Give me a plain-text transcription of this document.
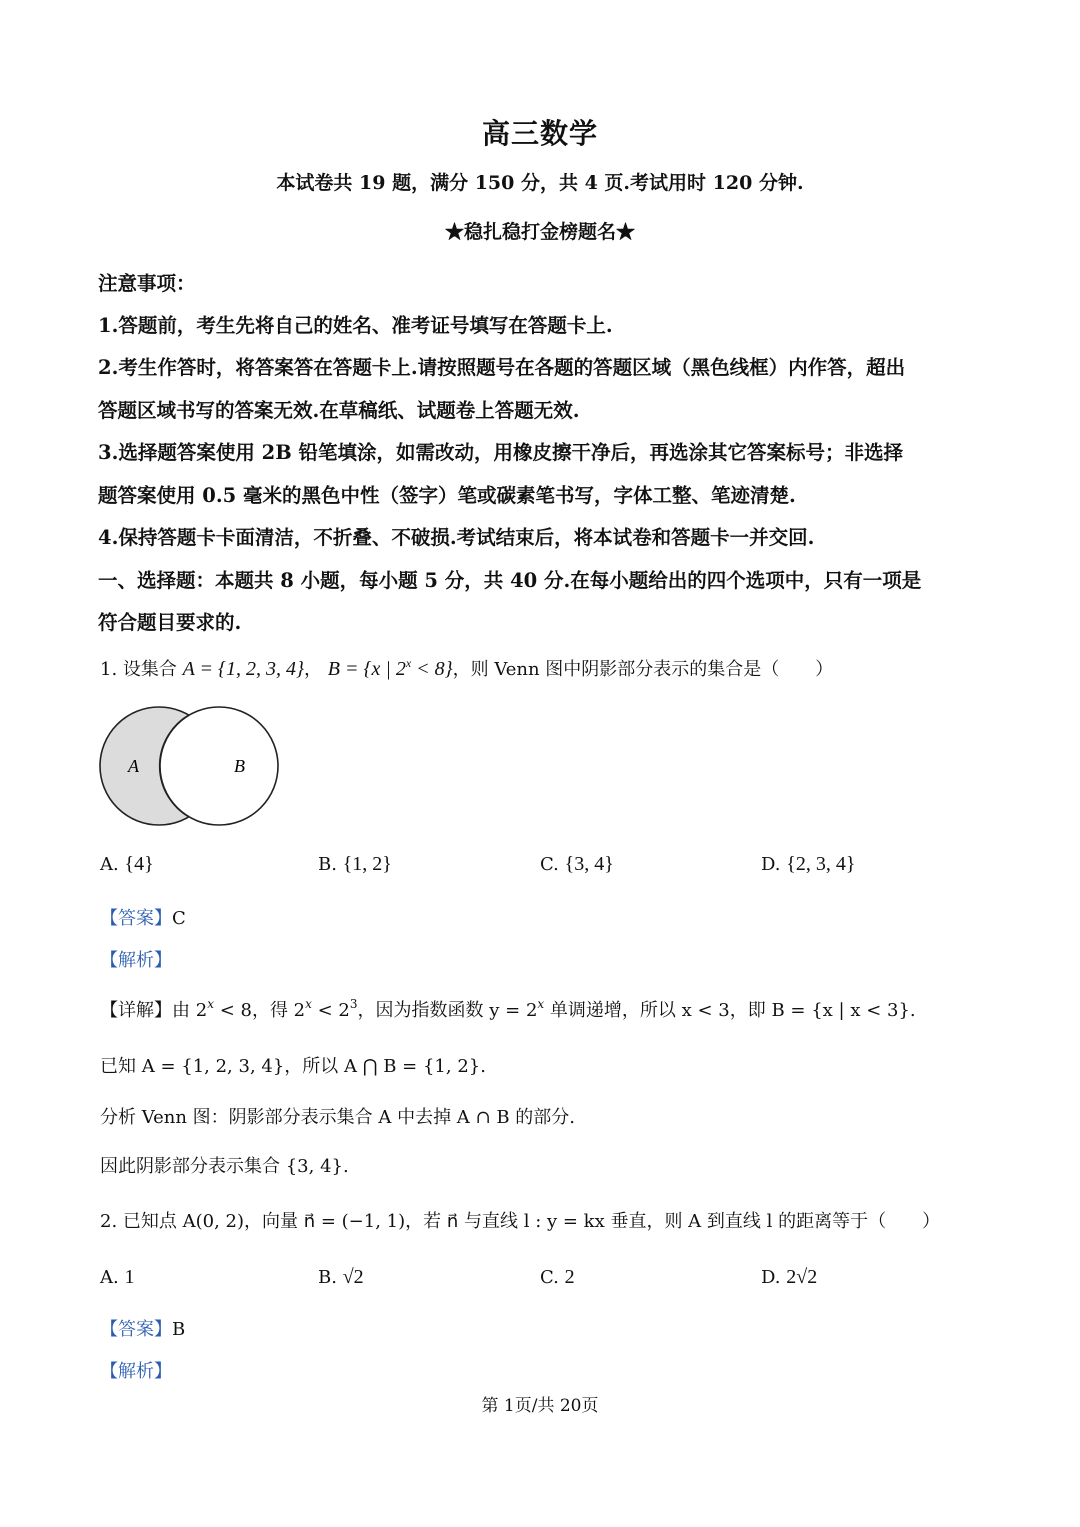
高三数学
本试卷共 19 题，满分 150 分，共 4 页.考试用时 120 分钟.
★稳扎稳打金榜题名★
注意事项：
1.答题前，考生先将自己的姓名、准考证号填写在答题卡上.
2.考生作答时，将答案答在答题卡上.请按照题号在各题的答题区域（黑色线框）内作答，超出
答题区域书写的答案无效.在草稿纸、试题卷上答题无效.
3.选择题答案使用 2B 铅笔填涂，如需改动，用橡皮擦干净后，再选涂其它答案标号；非选择
题答案使用 0.5 毫米的黑色中性（签字）笔或碳素笔书写，字体工整、笔迹清楚.
4.保持答题卡卡面清洁，不折叠、不破损.考试结束后，将本试卷和答题卡一并交回.
一、选择题：本题共 8 小题，每小题 5 分，共 40 分.在每小题给出的四个选项中，只有一项是
符合题目要求的.
1. 设集合 A = {1, 2, 3, 4}， B = {x | $2^x < 8$}，则 Venn 图中阴影部分表示的集合是（　　）
A	B
A. {4}	B. {1, 2}	C. {3, 4}	D. {2, 3, 4}
【答案】C
【解析】
【详解】由 $2^x < 8$，得 $2^x < 2^3$，因为指数函数 $y = 2^x$ 单调递增，所以 x < 3，即 B = {x | x < 3}.
已知 A = {1, 2, 3, 4}，所以 A ⋂ B = {1, 2}.
分析 Venn 图：阴影部分表示集合 A 中去掉 A ∩ B 的部分.
因此阴影部分表示集合 {3, 4}.
2. 已知点 A(0, 2)，向量 n⃗ = (−1, 1)，若 n⃗ 与直线 l : y = kx 垂直，则 A 到直线 l 的距离等于（　　）
A. 1	B. √2	C. 2	D. 2√2
【答案】B
【解析】
第 1页/共 20页
